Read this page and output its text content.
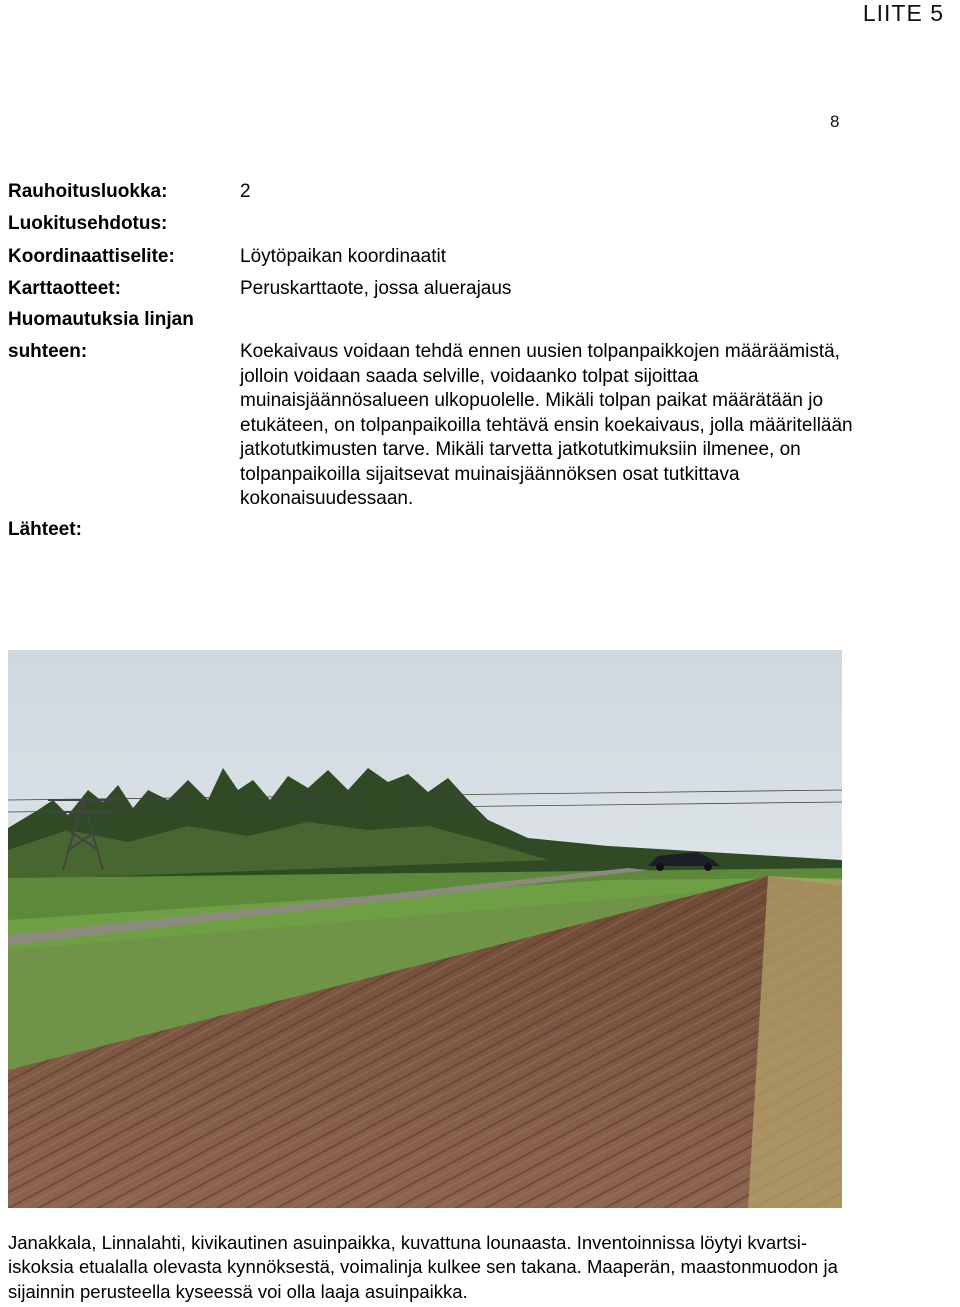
LIITE 5
8
Rauhoitusluokka:	2
Luokitusehdotus:
Koordinaattiselite:	Löytöpaikan koordinaatit
Karttaotteet:	Peruskarttaote, jossa aluerajaus
Huomautuksia linjan
suhteen:	Koekaivaus voidaan tehdä ennen uusien tolpanpaikkojen määräämistä, jolloin voidaan saada selville, voidaanko tolpat sijoittaa muinaisjäännösalueen ulkopuolelle. Mikäli tolpan paikat määrätään jo etukäteen, on tolpanpaikoilla tehtävä ensin koekaivaus, jolla määritellään jatkotutkimusten tarve. Mikäli tarvetta jatkotutkimuksiin ilmenee, on tolpanpaikoilla sijaitsevat muinaisjäännöksen osat tutkittava kokonaisuudessaan.
Lähteet:
Janakkala, Linnalahti, kivikautinen asuinpaikka, kuvattuna lounaasta. Inventoinnissa löytyi kvartsi-iskoksia etualalla olevasta kynnöksestä, voimalinja kulkee sen takana. Maaperän, maastonmuodon ja sijainnin perusteella kyseessä voi olla laaja asuinpaikka.
